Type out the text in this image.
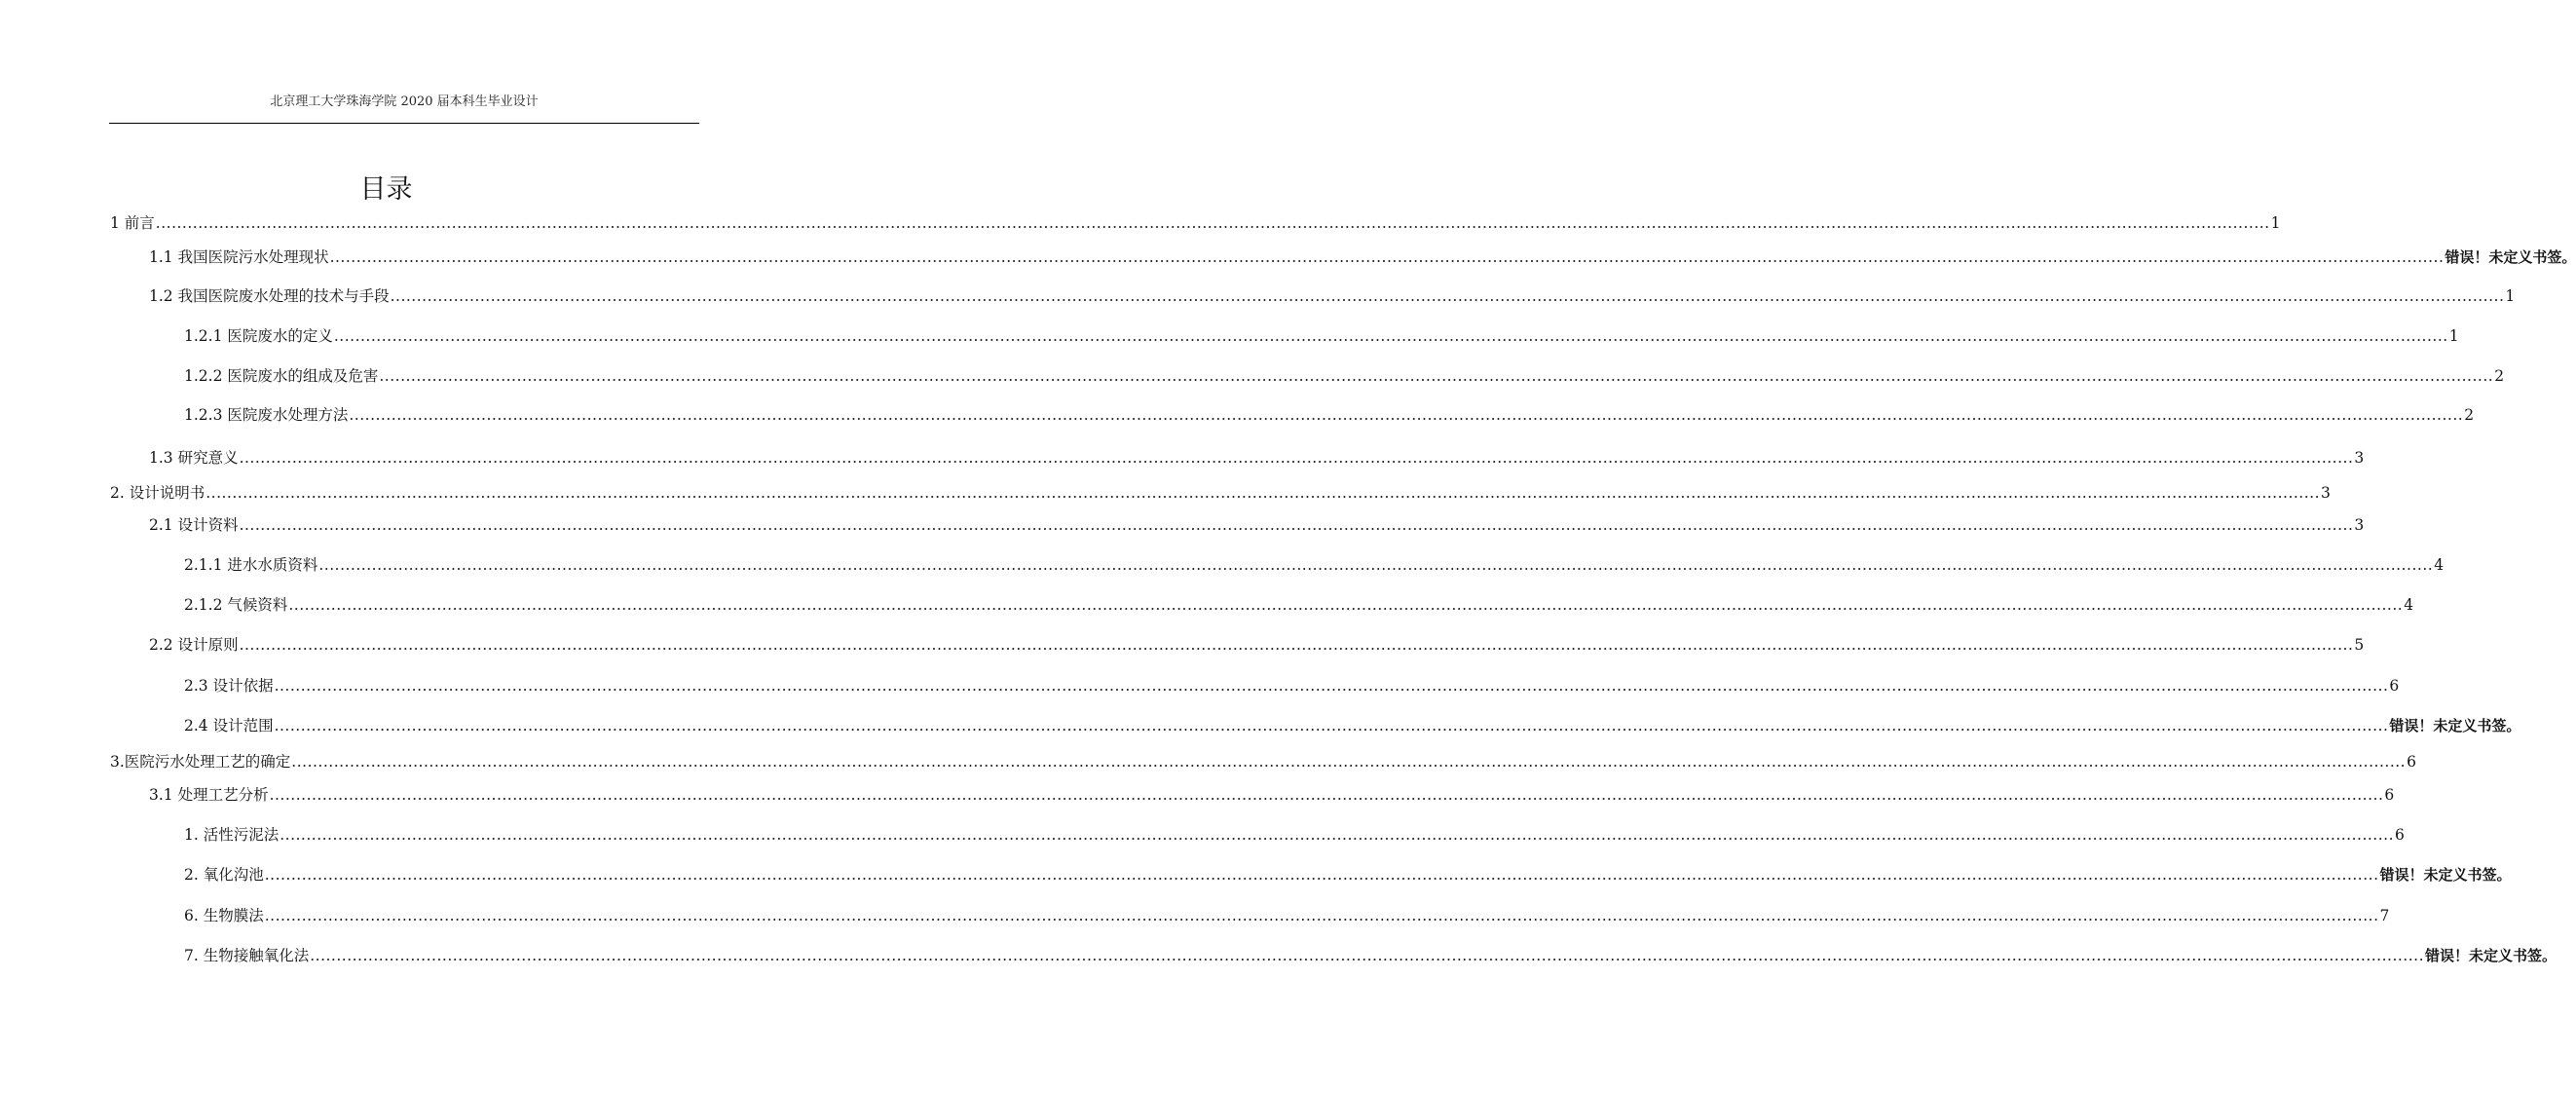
北京理工大学珠海学院 2020 届本科生毕业设计
目录
1 前言 ................................................................................................................................................................................................................................................................................................................................................................................................................ 1
1.1 我国医院污水处理现状 ................................................................................................................................................................................................................................................................................................................................................................................................................ 错误！未定义书签。
1.2 我国医院废水处理的技术与手段 ................................................................................................................................................................................................................................................................................................................................................................................................................ 1
1.2.1 医院废水的定义 ................................................................................................................................................................................................................................................................................................................................................................................................................ 1
1.2.2 医院废水的组成及危害 ................................................................................................................................................................................................................................................................................................................................................................................................................ 2
1.2.3 医院废水处理方法 ................................................................................................................................................................................................................................................................................................................................................................................................................ 2
1.3 研究意义 ................................................................................................................................................................................................................................................................................................................................................................................................................ 3
2. 设计说明书 ................................................................................................................................................................................................................................................................................................................................................................................................................ 3
2.1 设计资料 ................................................................................................................................................................................................................................................................................................................................................................................................................ 3
2.1.1 进水水质资料 ................................................................................................................................................................................................................................................................................................................................................................................................................ 4
2.1.2 气候资料 ................................................................................................................................................................................................................................................................................................................................................................................................................ 4
2.2 设计原则 ................................................................................................................................................................................................................................................................................................................................................................................................................ 5
2.3 设计依据 ................................................................................................................................................................................................................................................................................................................................................................................................................ 6
2.4 设计范围 ................................................................................................................................................................................................................................................................................................................................................................................................................ 错误！未定义书签。
3.医院污水处理工艺的确定 ................................................................................................................................................................................................................................................................................................................................................................................................................ 6
3.1 处理工艺分析 ................................................................................................................................................................................................................................................................................................................................................................................................................ 6
1. 活性污泥法 ................................................................................................................................................................................................................................................................................................................................................................................................................ 6
2. 氧化沟池 ................................................................................................................................................................................................................................................................................................................................................................................................................ 错误！未定义书签。
6. 生物膜法 ................................................................................................................................................................................................................................................................................................................................................................................................................ 7
7. 生物接触氧化法 ................................................................................................................................................................................................................................................................................................................................................................................................................ 错误！未定义书签。
